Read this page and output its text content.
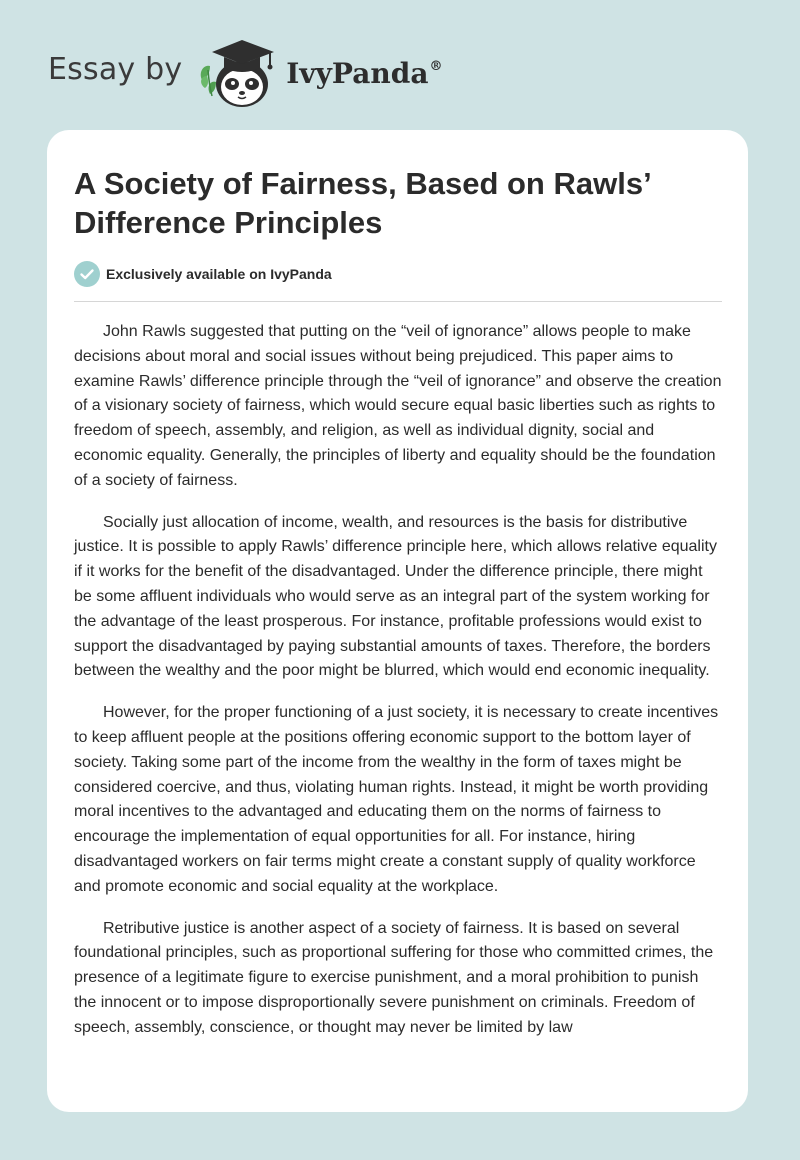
Essay by	IvyPanda®
A Society of Fairness, Based on Rawls’ Difference Principles
Exclusively available on IvyPanda

John Rawls suggested that putting on the “veil of ignorance” allows people to make decisions about moral and social issues without being prejudiced. This paper aims to examine Rawls’ difference principle through the “veil of ignorance” and observe the creation of a visionary society of fairness, which would secure equal basic liberties such as rights to freedom of speech, assembly, and religion, as well as individual dignity, social and economic equality. Generally, the principles of liberty and equality should be the foundation of a society of fairness.

Socially just allocation of income, wealth, and resources is the basis for distributive justice. It is possible to apply Rawls’ difference principle here, which allows relative equality if it works for the benefit of the disadvantaged. Under the difference principle, there might be some affluent individuals who would serve as an integral part of the system working for the advantage of the least prosperous. For instance, profitable professions would exist to support the disadvantaged by paying substantial amounts of taxes. Therefore, the borders between the wealthy and the poor might be blurred, which would end economic inequality.

However, for the proper functioning of a just society, it is necessary to create incentives to keep affluent people at the positions offering economic support to the bottom layer of society. Taking some part of the income from the wealthy in the form of taxes might be considered coercive, and thus, violating human rights. Instead, it might be worth providing moral incentives to the advantaged and educating them on the norms of fairness to encourage the implementation of equal opportunities for all. For instance, hiring disadvantaged workers on fair terms might create a constant supply of quality workforce and promote economic and social equality at the workplace.

Retributive justice is another aspect of a society of fairness. It is based on several foundational principles, such as proportional suffering for those who committed crimes, the presence of a legitimate figure to exercise punishment, and a moral prohibition to punish the innocent or to impose disproportionally severe punishment on criminals. Freedom of speech, assembly, conscience, or thought may never be limited by law
